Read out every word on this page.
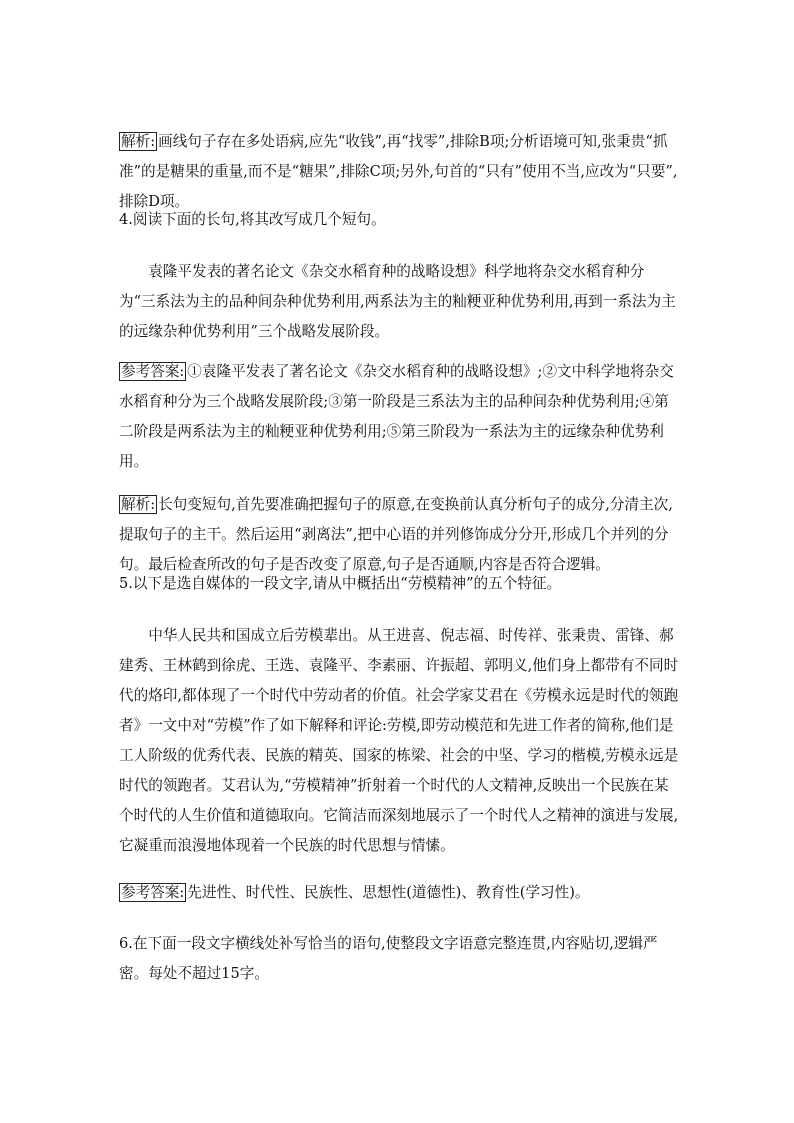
解析: 画线句子存在多处语病,应先“收钱”,再“找零”,排除B项;分析语境可知,张秉贵“抓准”的是糖果的重量,而不是“糖果”,排除C项;另外,句首的“只有”使用不当,应改为“只要”,排除D项。
4.阅读下面的长句,将其改写成几个短句。
袁隆平发表的著名论文《杂交水稻育种的战略设想》科学地将杂交水稻育种分为“三系法为主的品种间杂种优势利用,两系法为主的籼粳亚种优势利用,再到一系法为主的远缘杂种优势利用”三个战略发展阶段。
参考答案: ①袁隆平发表了著名论文《杂交水稻育种的战略设想》;②文中科学地将杂交水稻育种分为三个战略发展阶段;③第一阶段是三系法为主的品种间杂种优势利用;④第二阶段是两系法为主的籼粳亚种优势利用;⑤第三阶段为一系法为主的远缘杂种优势利用。
解析: 长句变短句,首先要准确把握句子的原意,在变换前认真分析句子的成分,分清主次,提取句子的主干。然后运用“剥离法”,把中心语的并列修饰成分分开,形成几个并列的分句。最后检查所改的句子是否改变了原意,句子是否通顺,内容是否符合逻辑。
5.以下是选自媒体的一段文字,请从中概括出“劳模精神”的五个特征。
中华人民共和国成立后劳模辈出。从王进喜、倪志福、时传祥、张秉贵、雷锋、郝建秀、王林鹤到徐虎、王选、袁隆平、李素丽、许振超、郭明义,他们身上都带有不同时代的烙印,都体现了一个时代中劳动者的价值。社会学家艾君在《劳模永远是时代的领跑者》一文中对“劳模”作了如下解释和评论:劳模,即劳动模范和先进工作者的简称,他们是工人阶级的优秀代表、民族的精英、国家的栋梁、社会的中坚、学习的楷模,劳模永远是时代的领跑者。艾君认为,“劳模精神”折射着一个时代的人文精神,反映出一个民族在某个时代的人生价值和道德取向。它简洁而深刻地展示了一个时代人之精神的演进与发展,它凝重而浪漫地体现着一个民族的时代思想与情愫。
参考答案: 先进性、时代性、民族性、思想性(道德性)、教育性(学习性)。
6.在下面一段文字横线处补写恰当的语句,使整段文字语意完整连贯,内容贴切,逻辑严密。每处不超过15字。
